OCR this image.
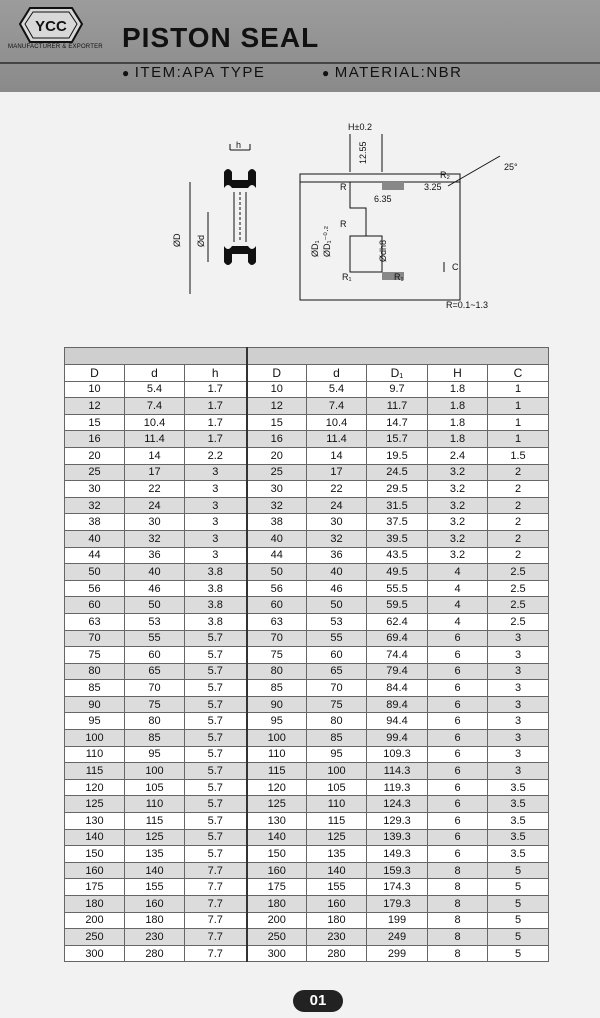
YCC
MANUFACTURER & EXPORTER PISTON SEAL
● ITEM:APA TYPE	● MATERIAL:NBR
h
ØD Ød
H±0.2
12.55
25°
R
R
R₁	R₁
R₂
3.25
6.35
ØD₁ ØD₁⁻⁰·²	Ødh8
C
R=0.1~1.3

D	d	h	D	d	D₁	H	C
10	5.4	1.7	10	5.4	9.7	1.8	1
12	7.4	1.7	12	7.4	11.7	1.8	1
15	10.4	1.7	15	10.4	14.7	1.8	1
16	11.4	1.7	16	11.4	15.7	1.8	1
20	14	2.2	20	14	19.5	2.4	1.5
25	17	3	25	17	24.5	3.2	2
30	22	3	30	22	29.5	3.2	2
32	24	3	32	24	31.5	3.2	2
38	30	3	38	30	37.5	3.2	2
40	32	3	40	32	39.5	3.2	2
44	36	3	44	36	43.5	3.2	2
50	40	3.8	50	40	49.5	4	2.5
56	46	3.8	56	46	55.5	4	2.5
60	50	3.8	60	50	59.5	4	2.5
63	53	3.8	63	53	62.4	4	2.5
70	55	5.7	70	55	69.4	6	3
75	60	5.7	75	60	74.4	6	3
80	65	5.7	80	65	79.4	6	3
85	70	5.7	85	70	84.4	6	3
90	75	5.7	90	75	89.4	6	3
95	80	5.7	95	80	94.4	6	3
100	85	5.7	100	85	99.4	6	3
110	95	5.7	110	95	109.3	6	3
115	100	5.7	115	100	114.3	6	3
120	105	5.7	120	105	119.3	6	3.5
125	110	5.7	125	110	124.3	6	3.5
130	115	5.7	130	115	129.3	6	3.5
140	125	5.7	140	125	139.3	6	3.5
150	135	5.7	150	135	149.3	6	3.5
160	140	7.7	160	140	159.3	8	5
175	155	7.7	175	155	174.3	8	5
180	160	7.7	180	160	179.3	8	5
200	180	7.7	200	180	199	8	5
250	230	7.7	250	230	249	8	5
300	280	7.7	300	280	299	8	5
01
